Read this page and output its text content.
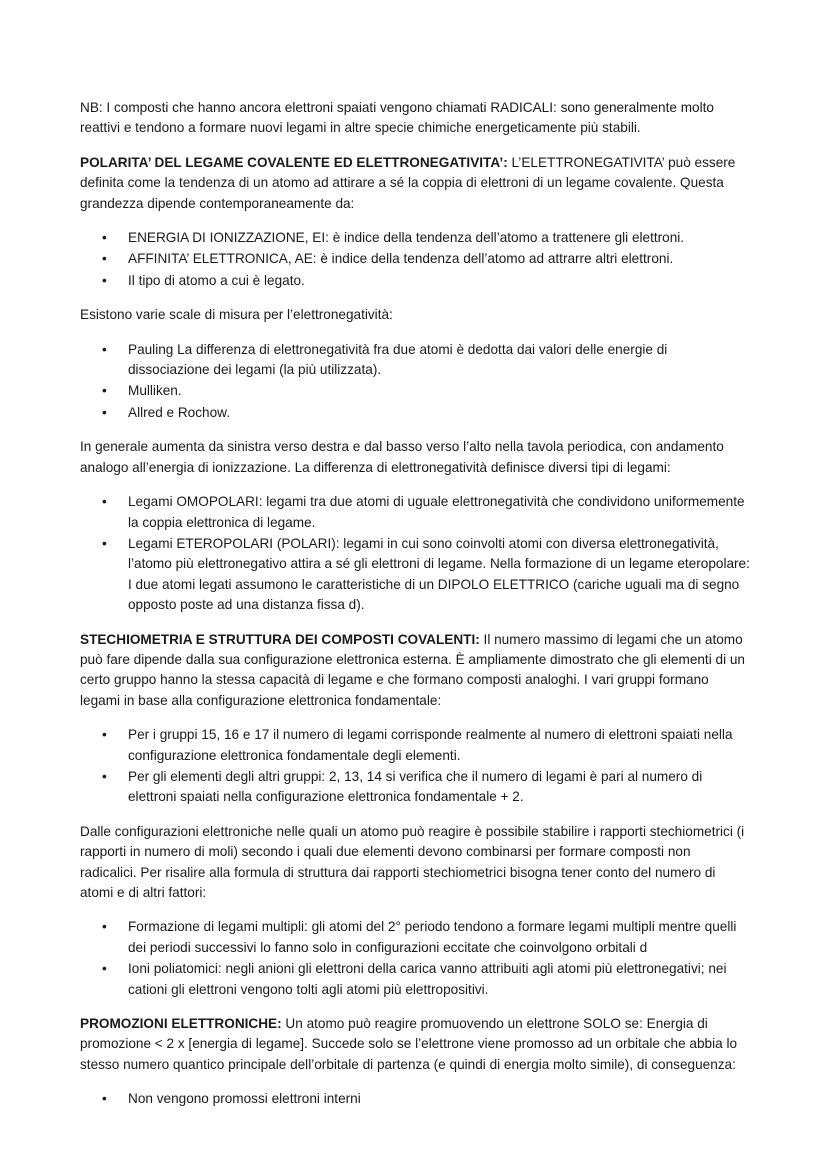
NB: I composti che hanno ancora elettroni spaiati vengono chiamati RADICALI: sono generalmente molto reattivi e tendono a formare nuovi legami in altre specie chimiche energeticamente più stabili.

POLARITA’ DEL LEGAME COVALENTE ED ELETTRONEGATIVITA’: L’ELETTRONEGATIVITA’ può essere definita come la tendenza di un atomo ad attirare a sé la coppia di elettroni di un legame covalente. Questa grandezza dipende contemporaneamente da:

• ENERGIA DI IONIZZAZIONE, EI: è indice della tendenza dell’atomo a trattenere gli elettroni.
• AFFINITA’ ELETTRONICA, AE: è indice della tendenza dell’atomo ad attrarre altri elettroni.
• Il tipo di atomo a cui è legato.

Esistono varie scale di misura per l’elettronegatività:

• Pauling La differenza di elettronegatività fra due atomi è dedotta dai valori delle energie di dissociazione dei legami (la più utilizzata).
• Mulliken.
• Allred e Rochow.

In generale aumenta da sinistra verso destra e dal basso verso l’alto nella tavola periodica, con andamento analogo all’energia di ionizzazione. La differenza di elettronegatività definisce diversi tipi di legami:

• Legami OMOPOLARI: legami tra due atomi di uguale elettronegatività che condividono uniformemente la coppia elettronica di legame.
• Legami ETEROPOLARI (POLARI): legami in cui sono coinvolti atomi con diversa elettronegatività, l’atomo più elettronegativo attira a sé gli elettroni di legame. Nella formazione di un legame eteropolare: I due atomi legati assumono le caratteristiche di un DIPOLO ELETTRICO (cariche uguali ma di segno opposto poste ad una distanza fissa d).

STECHIOMETRIA E STRUTTURA DEI COMPOSTI COVALENTI: Il numero massimo di legami che un atomo può fare dipende dalla sua configurazione elettronica esterna. È ampliamente dimostrato che gli elementi di un certo gruppo hanno la stessa capacità di legame e che formano composti analoghi. I vari gruppi formano legami in base alla configurazione elettronica fondamentale:

• Per i gruppi 15, 16 e 17 il numero di legami corrisponde realmente al numero di elettroni spaiati nella configurazione elettronica fondamentale degli elementi.
• Per gli elementi degli altri gruppi: 2, 13, 14 si verifica che il numero di legami è pari al numero di elettroni spaiati nella configurazione elettronica fondamentale + 2.

Dalle configurazioni elettroniche nelle quali un atomo può reagire è possibile stabilire i rapporti stechiometrici (i rapporti in numero di moli) secondo i quali due elementi devono combinarsi per formare composti non radicalici. Per risalire alla formula di struttura dai rapporti stechiometrici bisogna tener conto del numero di atomi e di altri fattori:

• Formazione di legami multipli: gli atomi del 2° periodo tendono a formare legami multipli mentre quelli dei periodi successivi lo fanno solo in configurazioni eccitate che coinvolgono orbitali d
• Ioni poliatomici: negli anioni gli elettroni della carica vanno attribuiti agli atomi più elettronegativi; nei cationi gli elettroni vengono tolti agli atomi più elettropositivi.

PROMOZIONI ELETTRONICHE: Un atomo può reagire promuovendo un elettrone SOLO se: Energia di promozione < 2 x [energia di legame]. Succede solo se l’elettrone viene promosso ad un orbitale che abbia lo stesso numero quantico principale dell’orbitale di partenza (e quindi di energia molto simile), di conseguenza:

• Non vengono promossi elettroni interni
